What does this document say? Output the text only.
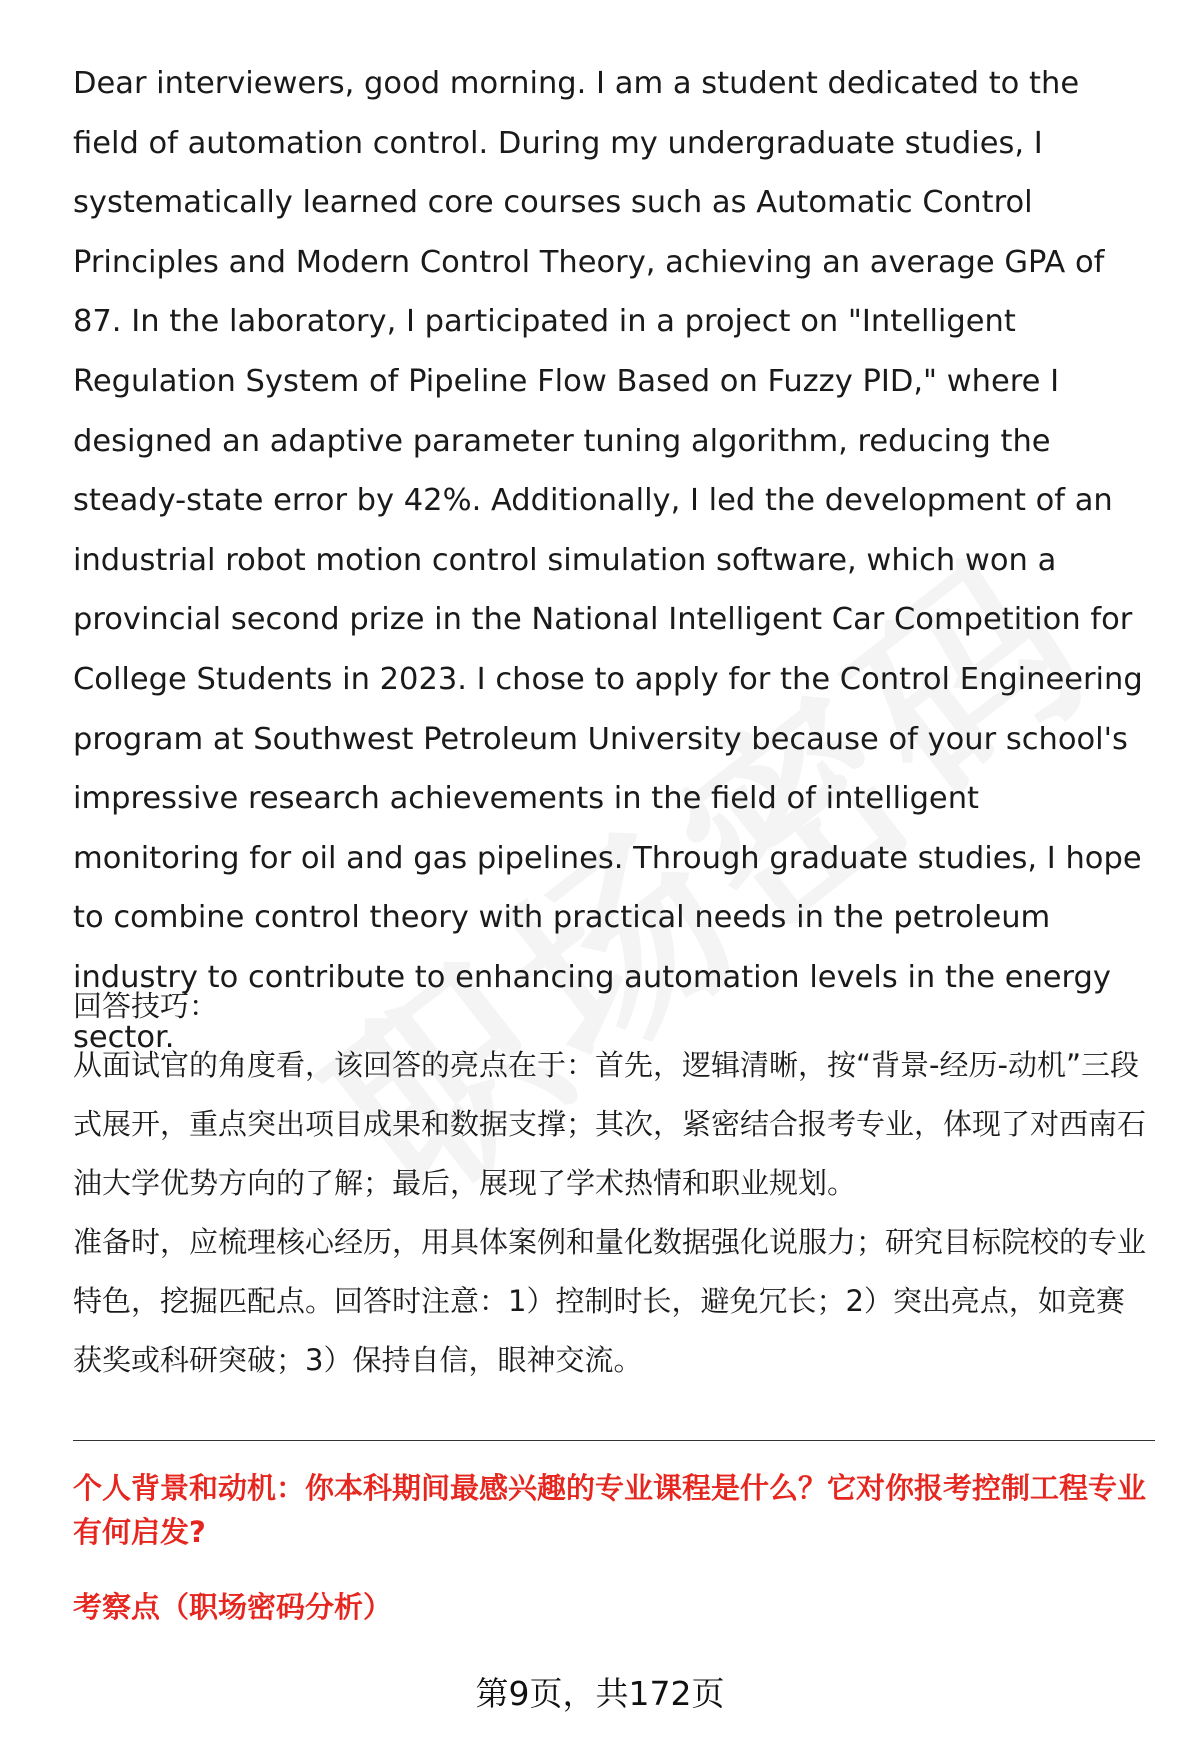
Dear interviewers, good morning. I am a student dedicated to the field of automation control. During my undergraduate studies, I systematically learned core courses such as Automatic Control Principles and Modern Control Theory, achieving an average GPA of 87. In the laboratory, I participated in a project on "Intelligent Regulation System of Pipeline Flow Based on Fuzzy PID," where I designed an adaptive parameter tuning algorithm, reducing the steady-state error by 42%. Additionally, I led the development of an industrial robot motion control simulation software, which won a provincial second prize in the National Intelligent Car Competition for College Students in 2023. I chose to apply for the Control Engineering program at Southwest Petroleum University because of your school's impressive research achievements in the field of intelligent monitoring for oil and gas pipelines. Through graduate studies, I hope to combine control theory with practical needs in the petroleum industry to contribute to enhancing automation levels in the energy sector.

回答技巧：

从面试官的角度看，该回答的亮点在于：首先，逻辑清晰，按“背景-经历-动机”三段式展开，重点突出项目成果和数据支撑；其次，紧密结合报考专业，体现了对西南石油大学优势方向的了解；最后，展现了学术热情和职业规划。

准备时，应梳理核心经历，用具体案例和量化数据强化说服力；研究目标院校的专业特色，挖掘匹配点。回答时注意：1）控制时长，避免冗长；2）突出亮点，如竞赛获奖或科研突破；3）保持自信，眼神交流。

个人背景和动机：你本科期间最感兴趣的专业课程是什么？它对你报考控制工程专业有何启发?

考察点（职场密码分析）

第9页，共172页
